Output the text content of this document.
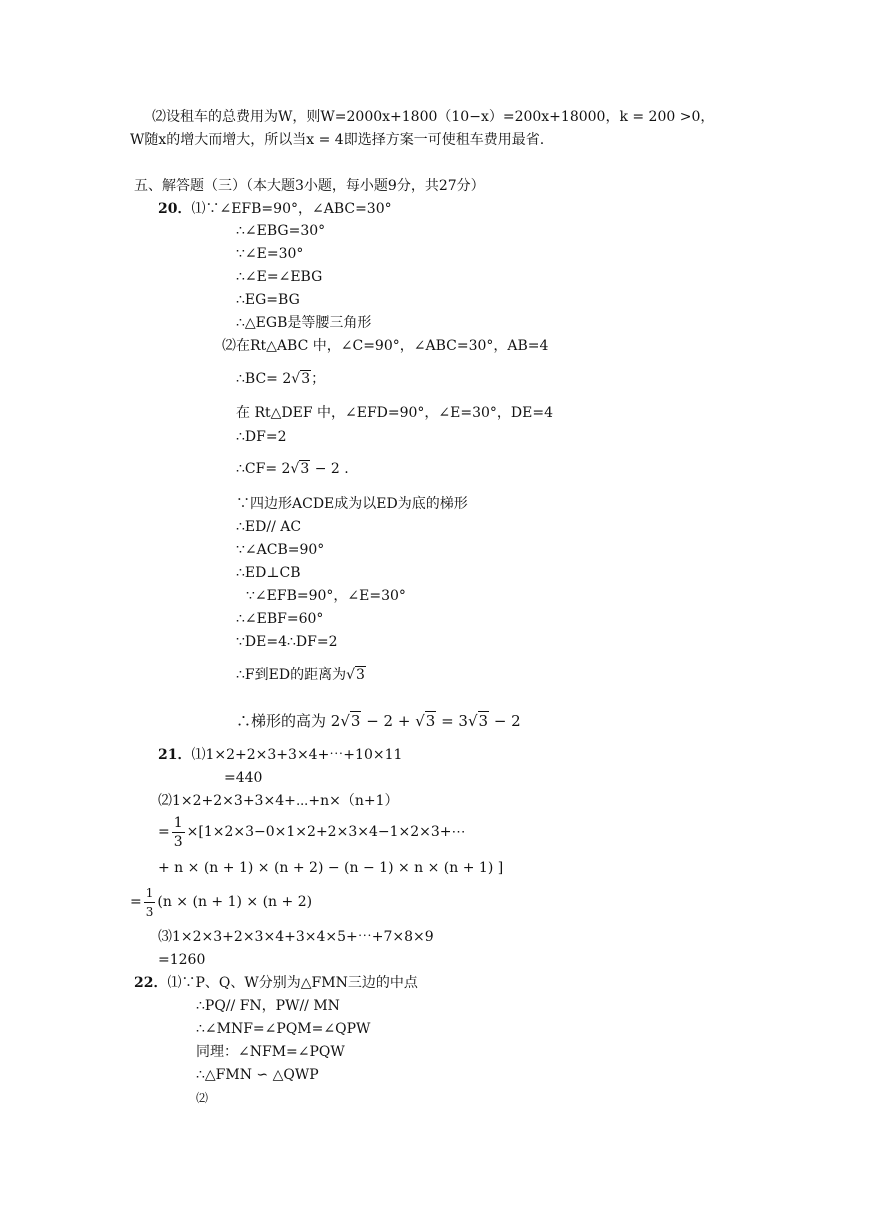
⑵设租车的总费用为W，则W=2000x+1800（10−x）=200x+18000，k = 200 >0，
W随x的增大而增大，所以当x = 4即选择方案一可使租车费用最省.
五、解答题（三）（本大题3小题，每小题9分，共27分）
20．⑴∵∠EFB=90°，∠ABC=30°
∴∠EBG=30°
∵∠E=30°
∴∠E=∠EBG
∴EG=BG
∴△EGB是等腰三角形
⑵在Rt△ABC 中，∠C=90°，∠ABC=30°，AB=4
∴BC= 2√3；
在 Rt△DEF 中，∠EFD=90°，∠E=30°，DE=4
∴DF=2
∴CF= 2√3 − 2 .
∵四边形ACDE成为以ED为底的梯形
∴ED// AC
∵∠ACB=90°
∴ED⊥CB
∵∠EFB=90°，∠E=30°
∴∠EBF=60°
∵DE=4∴DF=2
∴F到ED的距离为√3
∴梯形的高为 2√3 − 2 + √3 = 3√3 − 2
21．⑴1×2+2×3+3×4+⋯+10×11
=440
⑵1×2+2×3+3×4+⋯+n×（n+1）
= $\frac{1}{3}$ ×[1×2×3−0×1×2+2×3×4−1×2×3+⋯
+ n × (n + 1) × (n + 2) − (n − 1) × n × (n + 1) ]
= $\frac{1}{3} (n \times (n + 1) \times (n + 2)$
⑶1×2×3+2×3×4+3×4×5+⋯+7×8×9
=1260
22．⑴∵P、Q、W分别为△FMN三边的中点
∴PQ// FN，PW// MN
∴∠MNF=∠PQM=∠QPW
同理：∠NFM=∠PQW
∴△FMN ∽ △QWP
⑵
